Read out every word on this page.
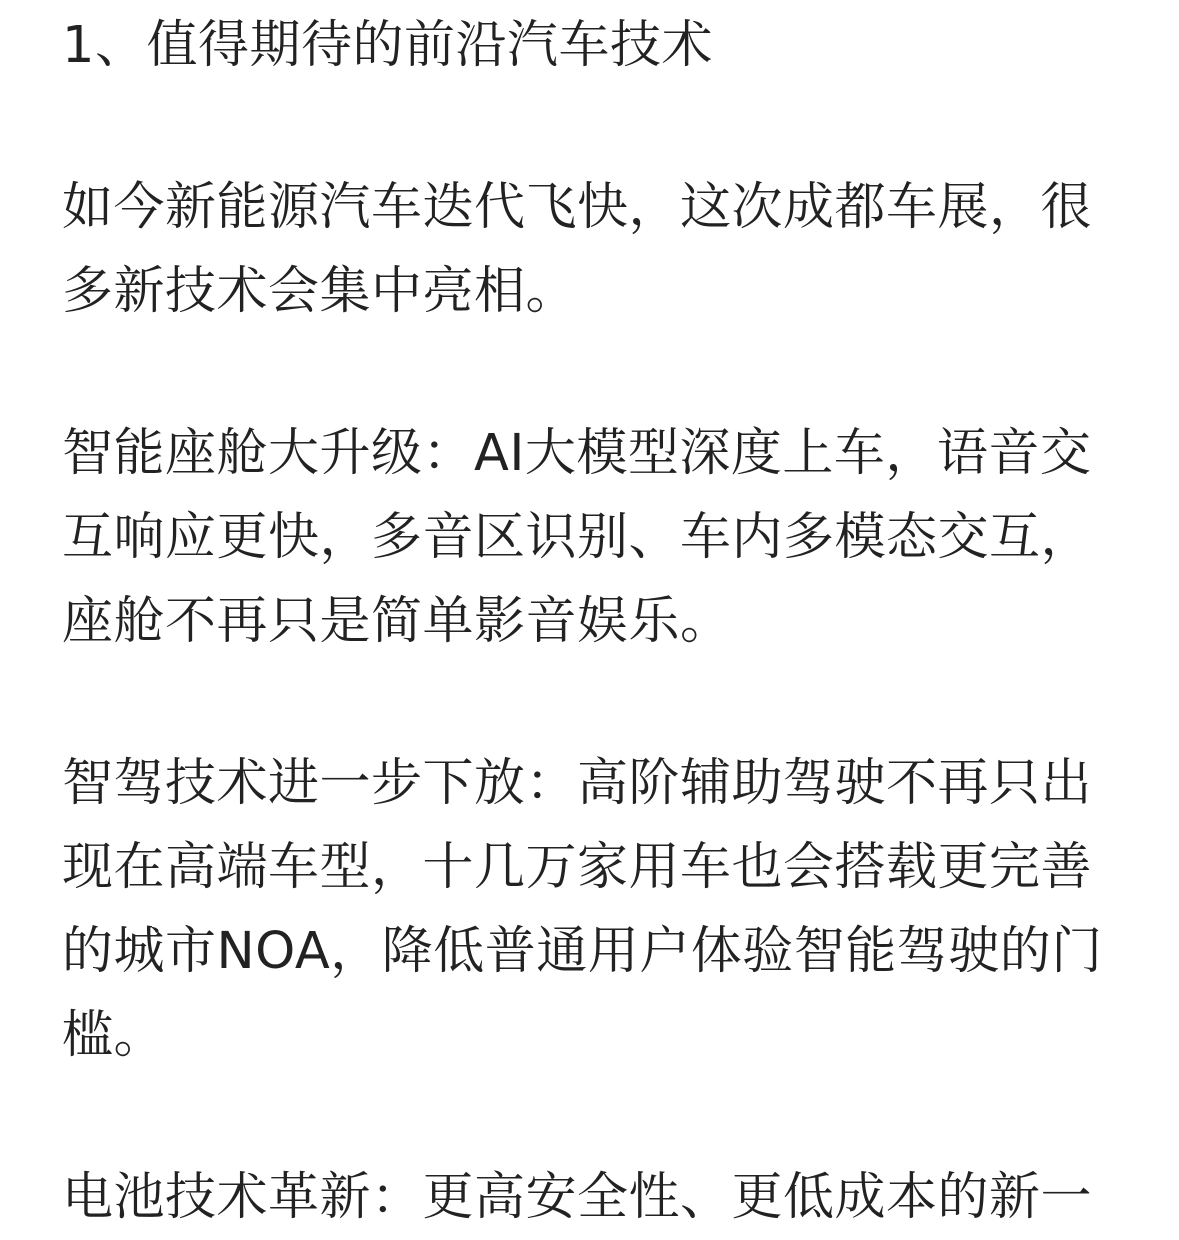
1、值得期待的前沿汽车技术

如今新能源汽车迭代飞快，这次成都车展，很多新技术会集中亮相。

智能座舱大升级：AI大模型深度上车，语音交互响应更快，多音区识别、车内多模态交互，座舱不再只是简单影音娱乐。

智驾技术进一步下放：高阶辅助驾驶不再只出现在高端车型，十几万家用车也会搭载更完善的城市NOA，降低普通用户体验智能驾驶的门槛。

电池技术革新：更高安全性、更低成本的新一
